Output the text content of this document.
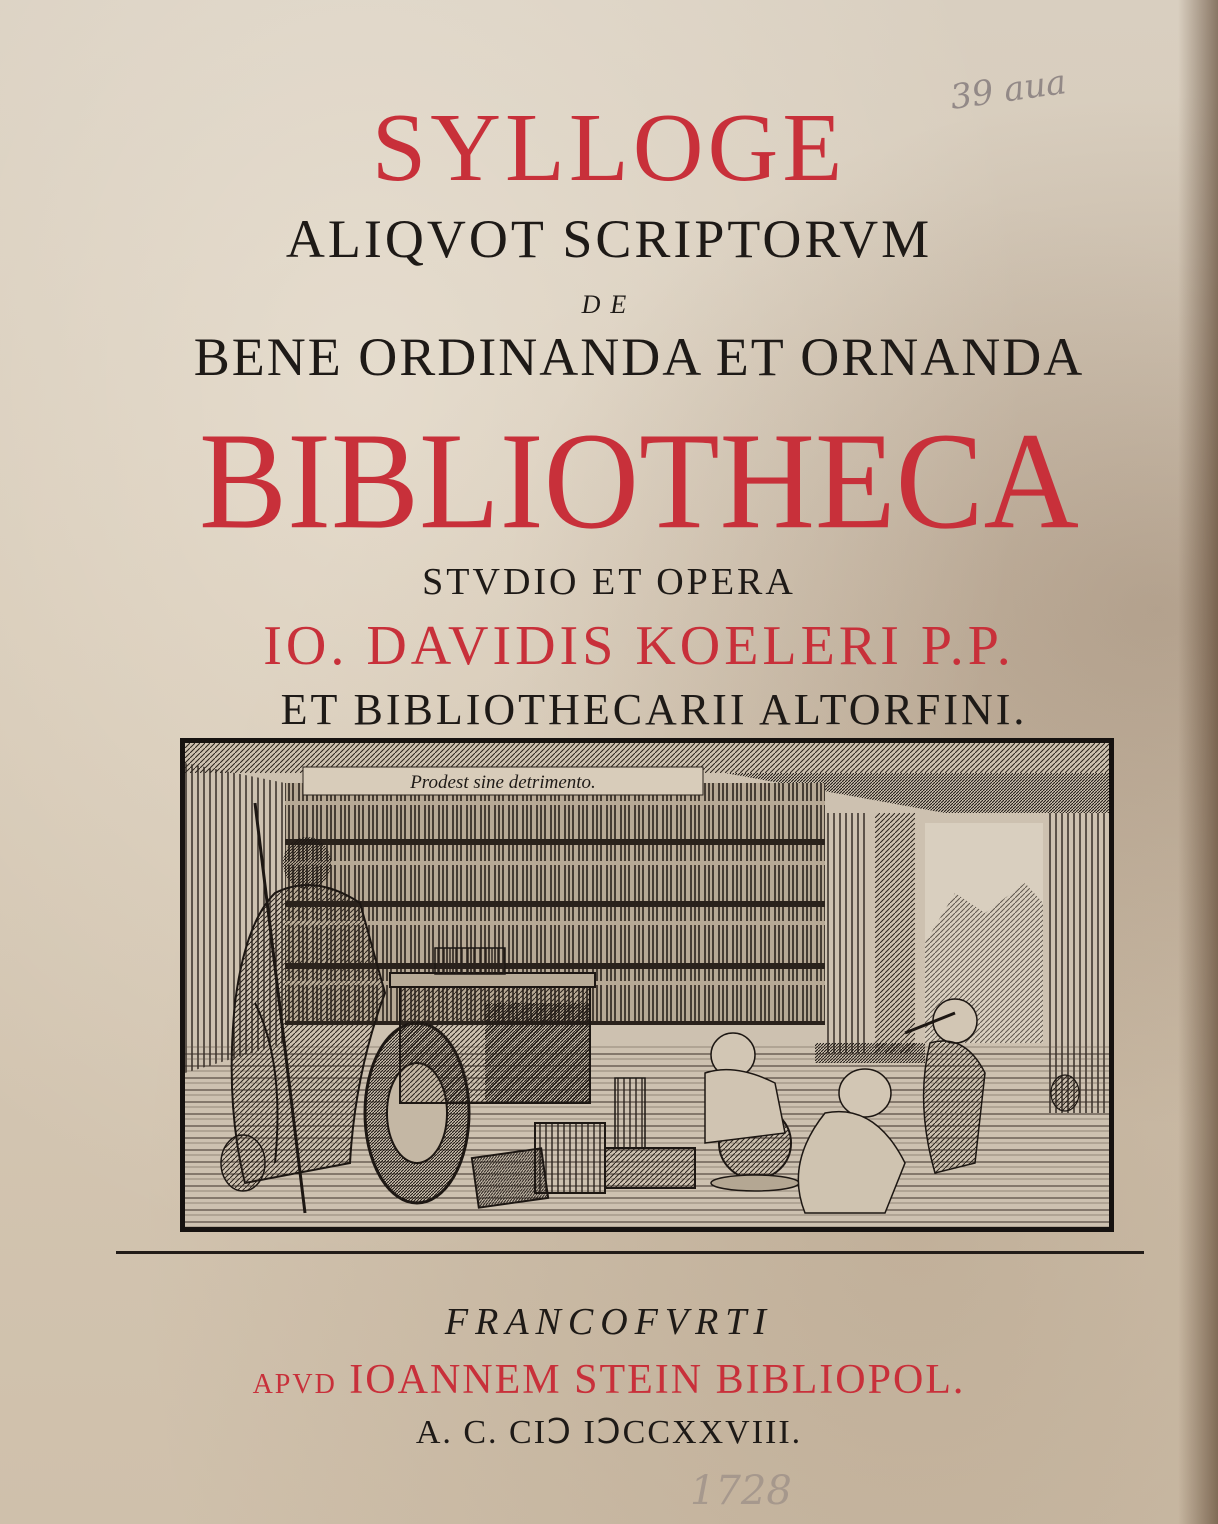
39 aua
SYLLOGE
ALIQVOT SCRIPTORVM
DE
BENE ORDINANDA ET ORNANDA
BIBLIOTHECA
STVDIO ET OPERA
IO. DAVIDIS KOELERI P.P.
ET BIBLIOTHECARII ALTORFINI.
Prodest sine detrimento.
FRANCOFVRTI
APVD IOANNEM STEIN BIBLIOPOL.
A. C. CIↃ IↃCCXXVIII.
1728
